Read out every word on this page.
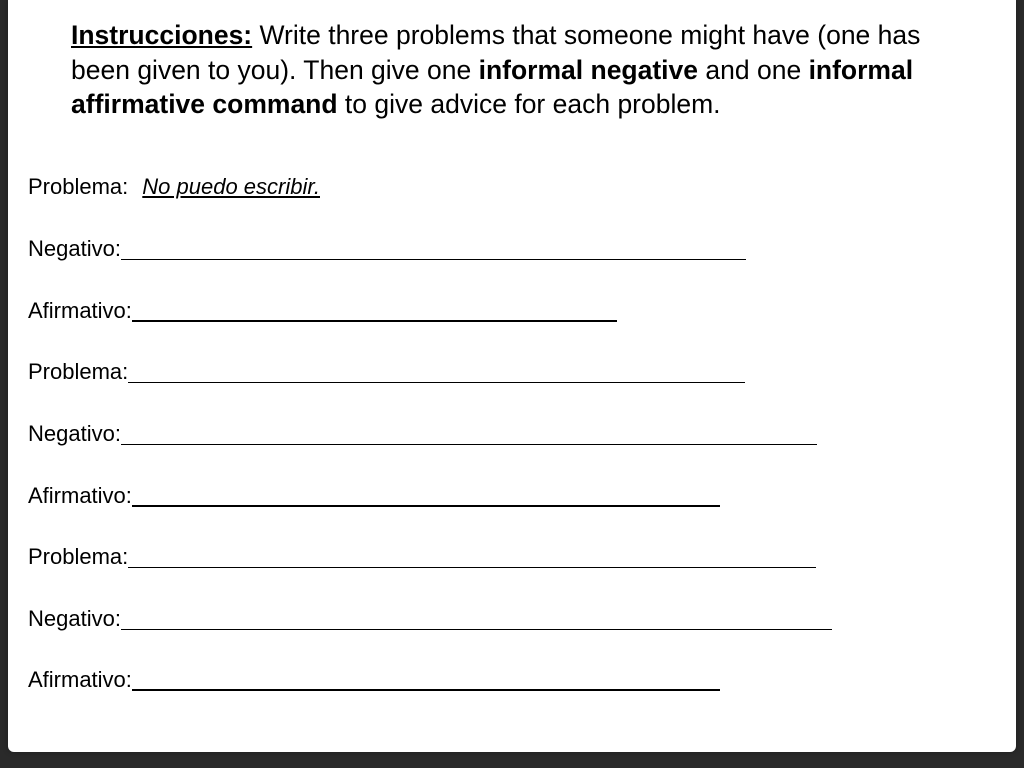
Instrucciones: Write three problems that someone might have (one has been given to you). Then give one informal negative and one informal affirmative command to give advice for each problem.

Problema: No puedo escribir.
Negativo:
Afirmativo:
Problema:
Negativo:
Afirmativo:
Problema:
Negativo:
Afirmativo:
